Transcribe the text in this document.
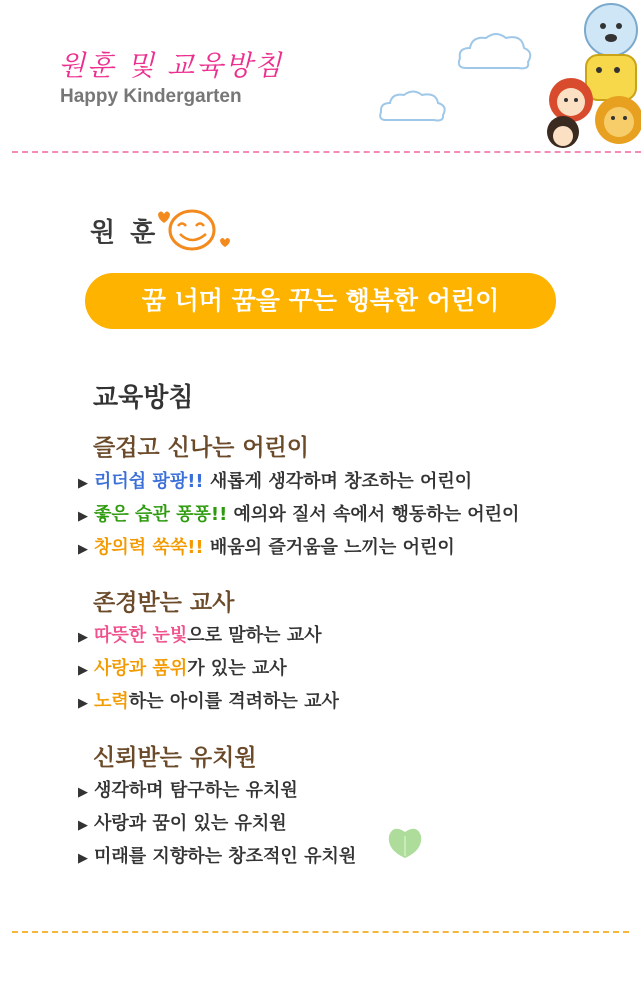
원훈 및 교육방침
Happy Kindergarten
원 훈
꿈 너머 꿈을 꾸는 행복한 어린이
교육방침
즐겁고 신나는 어린이
▶ 리더쉽 팡팡!! 새롭게 생각하며 창조하는 어린이
▶ 좋은 습관 퐁퐁!! 예의와 질서 속에서 행동하는 어린이
▶ 창의력 쑥쑥!! 배움의 즐거움을 느끼는 어린이
존경받는 교사
▶ 따뜻한 눈빛으로 말하는 교사
▶ 사랑과 품위가 있는 교사
▶ 노력하는 아이를 격려하는 교사
신뢰받는 유치원
▶ 생각하며 탐구하는 유치원
▶ 사랑과 꿈이 있는 유치원
▶ 미래를 지향하는 창조적인 유치원
